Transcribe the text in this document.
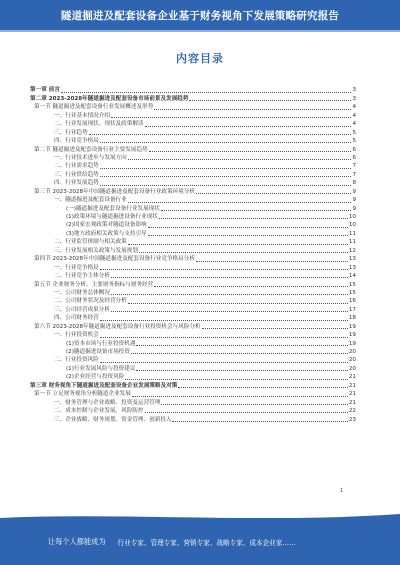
隧道掘进及配套设备企业基于财务视角下发展策略研究报告
内容目录
第一章 前言	3
第二章 2023-2028年隧道掘进及配套设备市场前景及发展趋势	3
第一节 隧道掘进及配套设备行业发展概述及形势	4
一、行业基本情况介绍	4
二、行业发展现状、现状及政策解读	4
三、行业趋势	5
四、行业竞争格局	5
第二节 隧道掘进及配套设备行业主要发展趋势	6
一、行业技术进步与发展方向	6
二、行业需求趋势	7
三、行业供给趋势	7
四、行业发展趋势	8
第三节 2023-2028年中国隧道掘进及配套设备行业政策环境分析	9
一、隧道掘进及配套设备行业	9
(一)隧道掘进及配套设备行业发展现状	9
(1)政策环境与隧道掘进设备行业现状	10
(2)国家宏观政策对隧道设备影响	10
(3)地方政府相关政策与支持引导	11
二、行业监管体制与相关政策	11
三、行业发展相关政策与发展规划	12
第四节 2023-2028年中国隧道掘进及配套设备行业竞争格局分析	13
一、行业竞争格局	13
二、行业竞争主体分析	14
第五节 企业财务分析、主要财务指标与财务经营	15
一、公司财务总体概况	15
二、公司财务状况及经营分析	16
三、公司经营成果分析	17
四、公司财务经营	18
第六节 2023-2028年隧道掘进及配套设备行业投资机会与风险分析	19
一、行业投资机会	19
(1)资本市场与行业投资机遇	19
(2)隧道掘进设备市场投资	20
二、行业投资风险	20
(1)行业发展风险与投资建议	20
(2)企业经营与投资风险	21
第三章 财务视角下隧道掘进及配套设备企业发展策略及对策	21
第一节 立足财务视角分析隧道企业发展	21
一、财务管理与企业战略、投资及运营管理	21
二、成本控制与企业发展、风险防控	22
三、企业战略、财务规划、资金管理、创新投入	23
1
让每个人都能成为 行业专家、管理专家、营销专家、战略专家、成本企业家……
